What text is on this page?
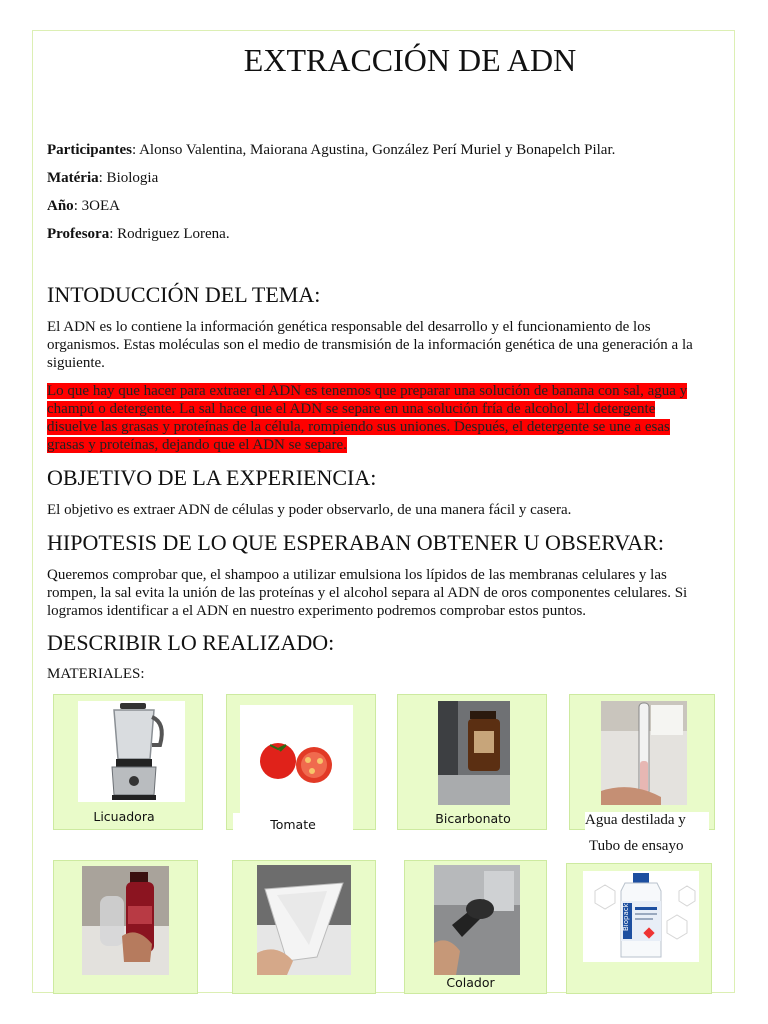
EXTRACCIÓN DE ADN

Participantes: Alonso Valentina, Maiorana Agustina, González Perí Muriel y Bonapelch Pilar.

Matéria: Biologia

Año: 3OEA

Profesora: Rodriguez Lorena.

INTODUCCIÓN DEL TEMA:

El ADN es lo contiene la información genética responsable del desarrollo y el funcionamiento de los organismos. Estas moléculas son el medio de transmisión de la información genética de una generación a la siguiente.

Lo que hay que hacer para extraer el ADN es tenemos que preparar una solución de banana con sal, agua y
champú o detergente. La sal hace que el ADN se separe en una solución fría de alcohol. El detergente
disuelve las grasas y proteínas de la célula, rompiendo sus uniones. Después, el detergente se une a esas
grasas y proteínas, dejando que el ADN se separe.
OBJETIVO DE LA EXPERIENCIA:

El objetivo es extraer ADN de células y poder observarlo, de una manera fácil y casera.

HIPOTESIS DE LO QUE ESPERABAN OBTENER U OBSERVAR:

Queremos comprobar que, el shampoo a utilizar emulsiona los lípidos de las membranas celulares y las rompen, la sal evita la unión de las proteínas y el alcohol separa al ADN de oros componentes celulares. Si logramos identificar a el ADN en nuestro experimento podremos comprobar estos puntos.

DESCRIBIR LO REALIZADO:

MATERIALES:

Licuadora
Tomate	Bicarbonato	Agua destilada y
Tubo de ensayo
Colador
Biopack
